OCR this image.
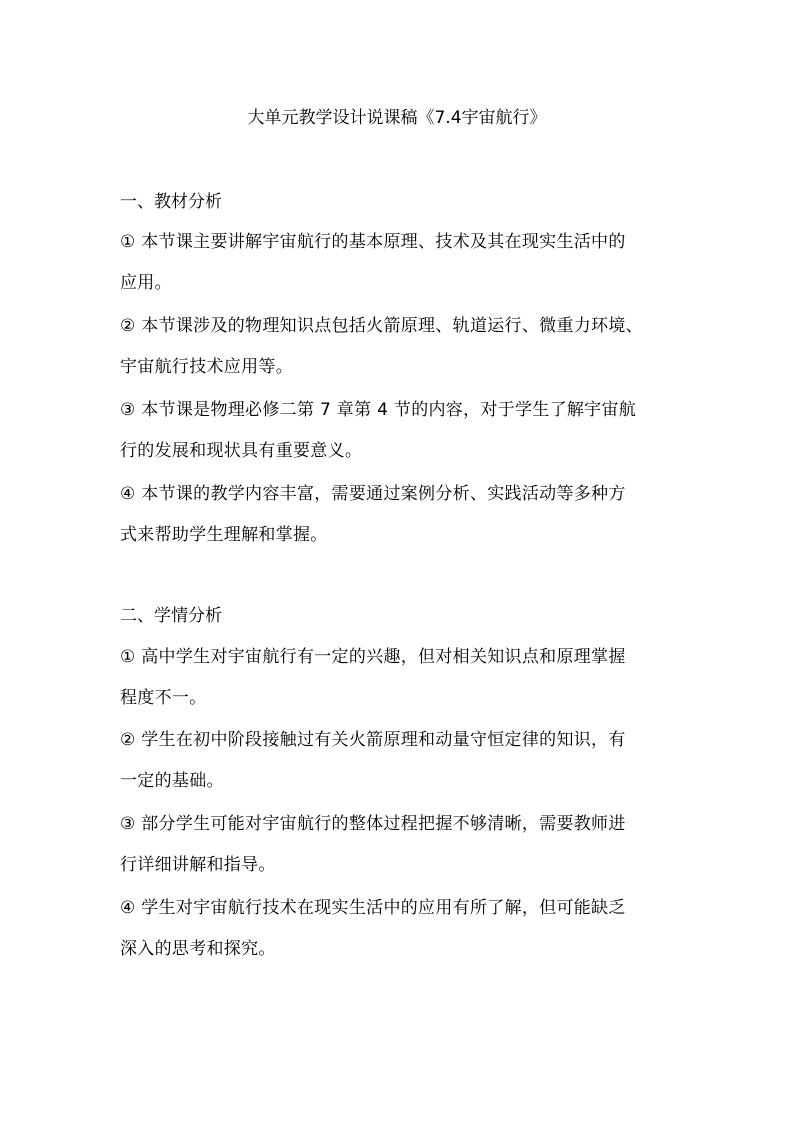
大单元教学设计说课稿《7.4宇宙航行》
一、教材分析
① 本节课主要讲解宇宙航行的基本原理、技术及其在现实生活中的
应用。
② 本节课涉及的物理知识点包括火箭原理、轨道运行、微重力环境、
宇宙航行技术应用等。
③ 本节课是物理必修二第 7 章第 4 节的内容，对于学生了解宇宙航
行的发展和现状具有重要意义。
④ 本节课的教学内容丰富，需要通过案例分析、实践活动等多种方
式来帮助学生理解和掌握。
二、学情分析
① 高中学生对宇宙航行有一定的兴趣，但对相关知识点和原理掌握
程度不一。
② 学生在初中阶段接触过有关火箭原理和动量守恒定律的知识，有
一定的基础。
③ 部分学生可能对宇宙航行的整体过程把握不够清晰，需要教师进
行详细讲解和指导。
④ 学生对宇宙航行技术在现实生活中的应用有所了解，但可能缺乏
深入的思考和探究。
